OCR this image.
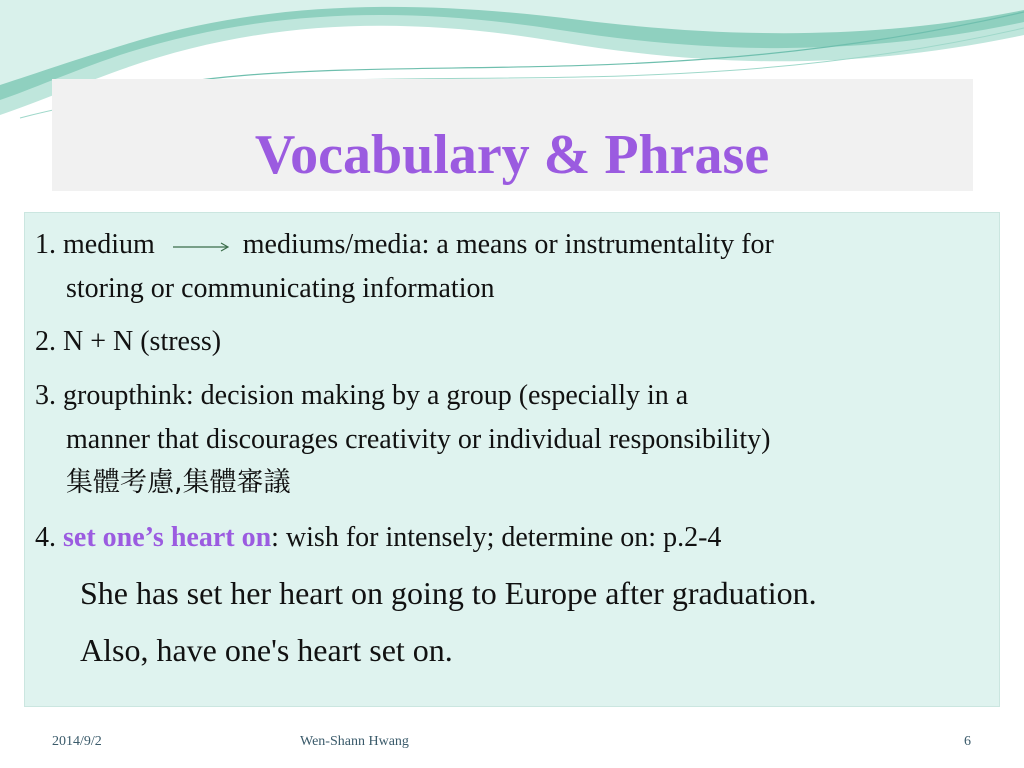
Vocabulary & Phrase
1. medium	mediums/media: a means or instrumentality for
storing or communicating information
2. N + N (stress)
3. groupthink: decision making by a group (especially in a
manner that discourages creativity or individual responsibility)
集體考慮,集體審議
4. set one’s heart on: wish for intensely; determine on: p.2-4
She has set her heart on going to Europe after graduation.
Also, have one's heart set on.
2014/9/2	Wen-Shann Hwang	6
